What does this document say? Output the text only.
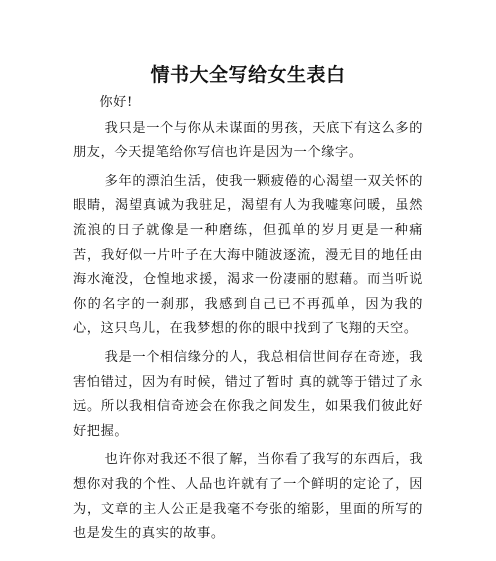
情书大全写给女生表白

你好!

我只是一个与你从未谋面的男孩，天底下有这么多的朋友，今天提笔给你写信也许是因为一个缘字。

多年的漂泊生活，使我一颗疲倦的心渴望一双关怀的眼睛，渴望真诚为我驻足，渴望有人为我嘘寒问暖，虽然流浪的日子就像是一种磨练，但孤单的岁月更是一种痛苦，我好似一片叶子在大海中随波逐流，漫无目的地任由海水淹没，仓惶地求援，渴求一份凄丽的慰藉。而当听说你的名字的一刹那，我感到自己已不再孤单，因为我的心，这只鸟儿，在我梦想的你的眼中找到了飞翔的天空。

我是一个相信缘分的人，我总相信世间存在奇迹，我害怕错过，因为有时候，错过了暂时 真的就等于错过了永远。所以我相信奇迹会在你我之间发生，如果我们彼此好好把握。

也许你对我还不很了解，当你看了我写的东西后，我想你对我的个性、人品也许就有了一个鲜明的定论了，因为，文章的主人公正是我毫不夸张的缩影，里面的所写的也是发生的真实的故事。
